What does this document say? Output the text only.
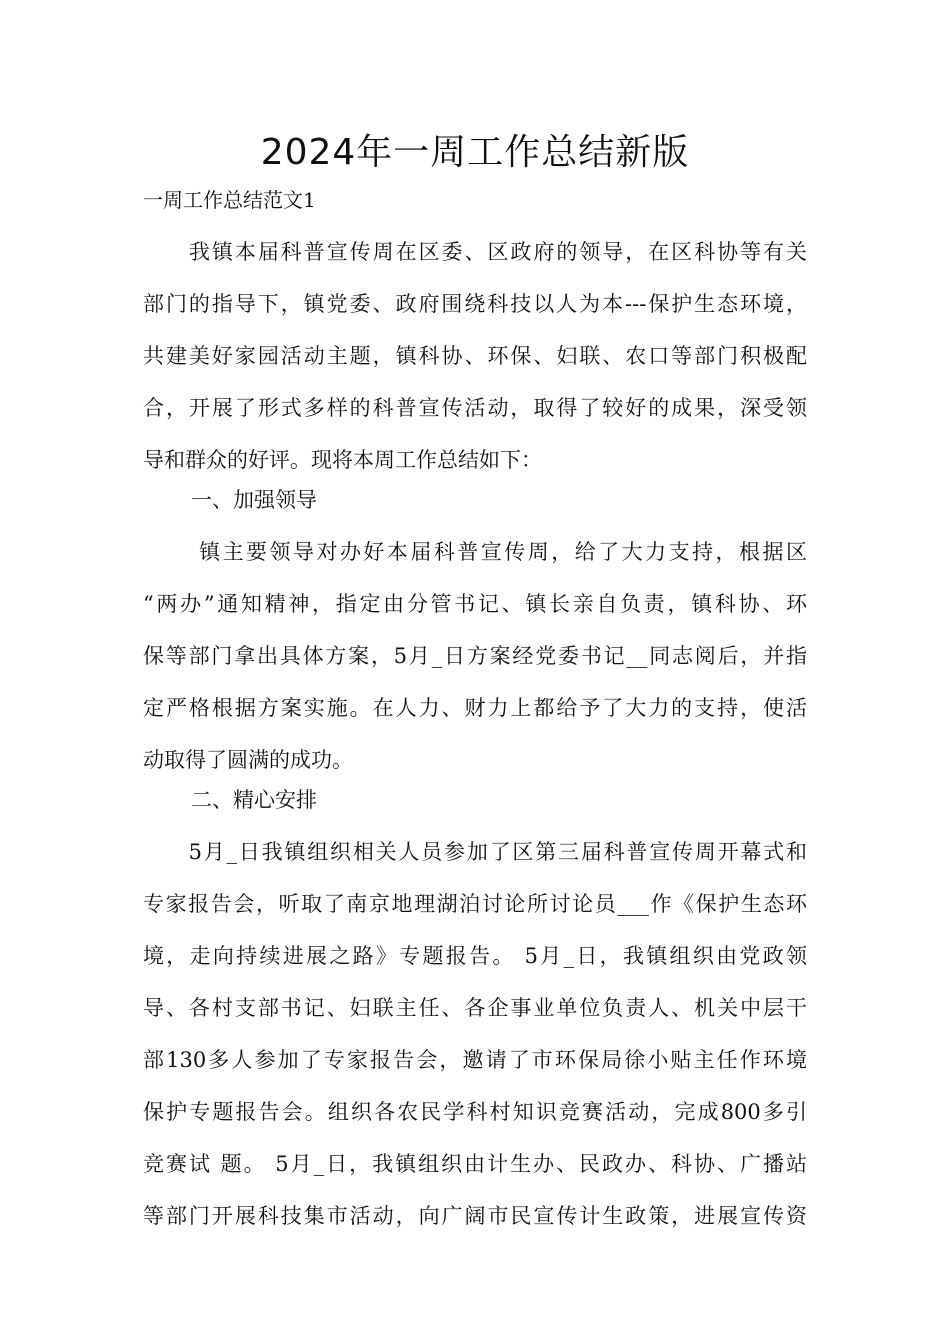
2024年一周工作总结新版

一周工作总结范文1

　　我镇本届科普宣传周在区委、区政府的领导，在区科协等有关
部门的指导下，镇党委、政府围绕科技以人为本---保护生态环境，
共建美好家园活动主题，镇科协、环保、妇联、农口等部门积极配
合，开展了形式多样的科普宣传活动，取得了较好的成果，深受领
导和群众的好评。现将本周工作总结如下：

一、加强领导

　　 镇主要领导对办好本届科普宣传周，给了大力支持，根据区
“两办”通知精神，指定由分管书记、镇长亲自负责，镇科协、环
保等部门拿出具体方案，5月_日方案经党委书记__同志阅后，并指
定严格根据方案实施。在人力、财力上都给予了大力的支持，使活
动取得了圆满的成功。

二、精心安排

　　5月_日我镇组织相关人员参加了区第三届科普宣传周开幕式和
专家报告会，听取了南京地理湖泊讨论所讨论员___作《保护生态环
境，走向持续进展之路》专题报告。 5月_日，我镇组织由党政领
导、各村支部书记、妇联主任、各企事业单位负责人、机关中层干
部130多人参加了专家报告会，邀请了市环保局徐小贴主任作环境
保护专题报告会。组织各农民学科村知识竞赛活动，完成800多引
竞赛试 题。 5月_日，我镇组织由计生办、民政办、科协、广播站
等部门开展科技集市活动，向广阔市民宣传计生政策，进展宣传资
